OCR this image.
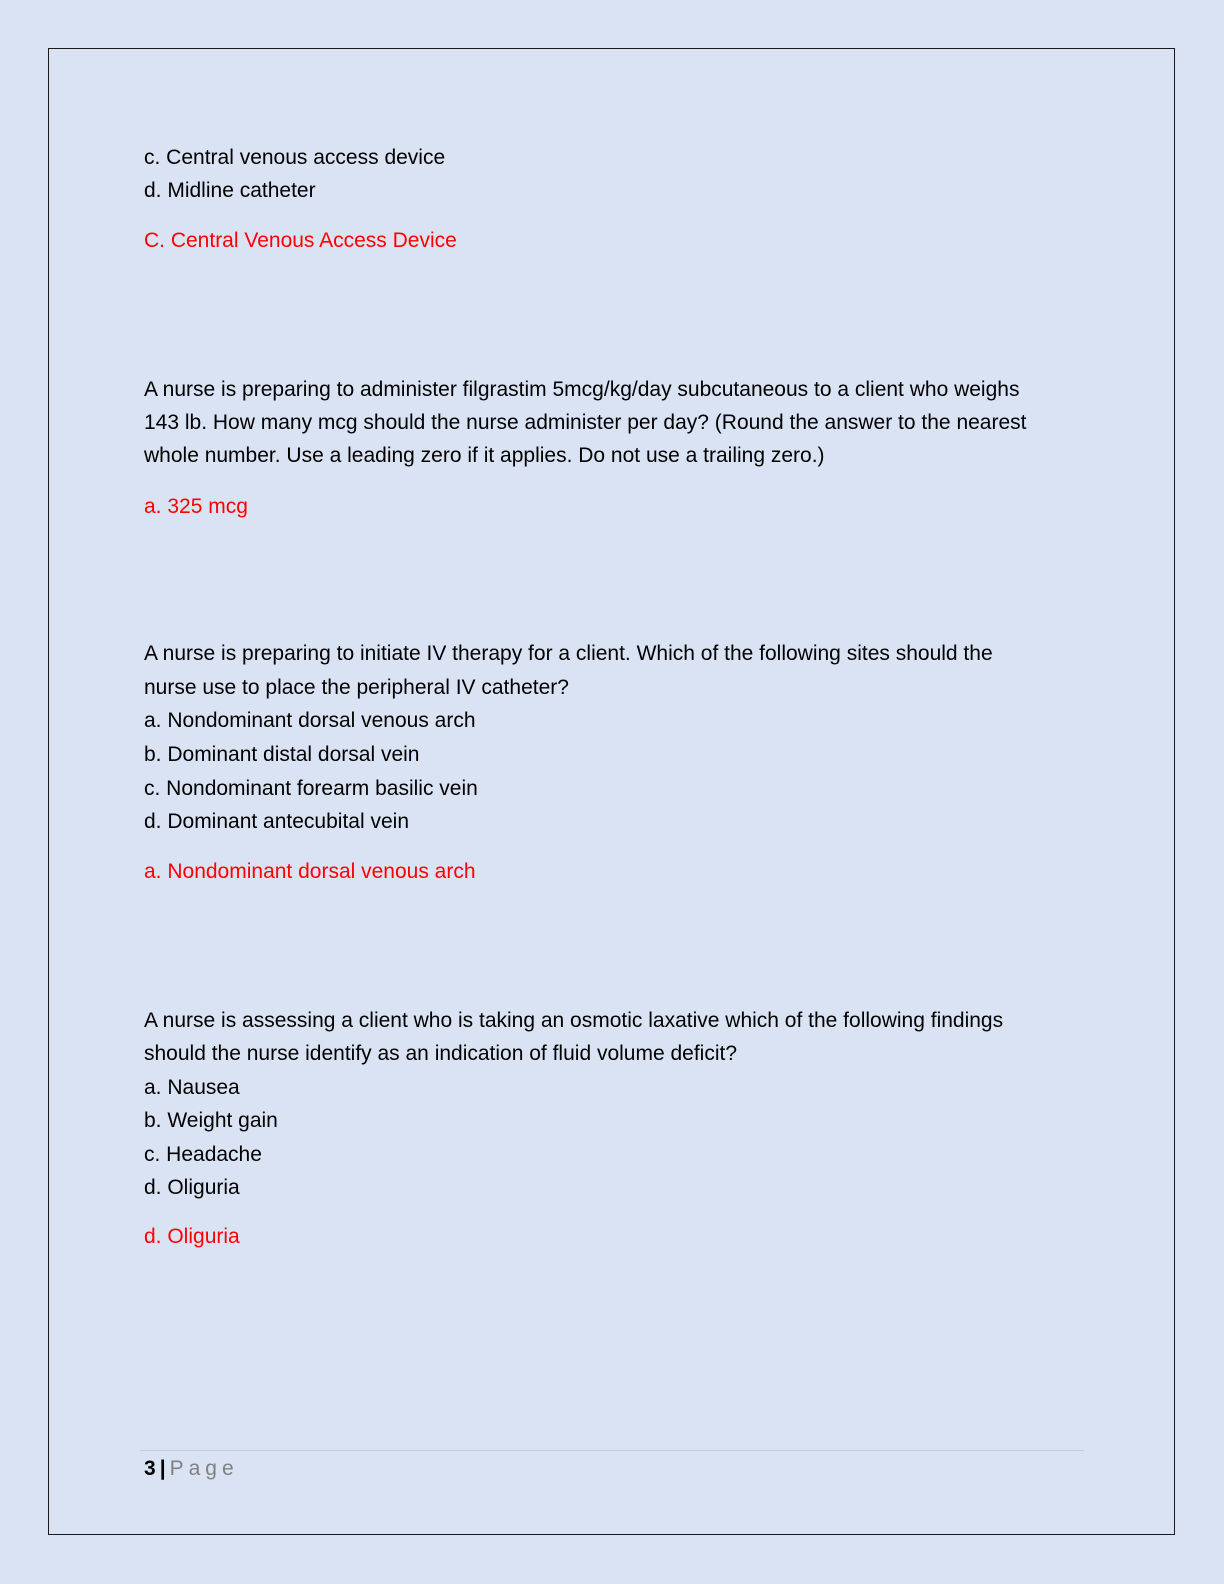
c. Central venous access device
d. Midline catheter
C. Central Venous Access Device
A nurse is preparing to administer filgrastim 5mcg/kg/day subcutaneous to a client who weighs
143 lb. How many mcg should the nurse administer per day? (Round the answer to the nearest
whole number. Use a leading zero if it applies. Do not use a trailing zero.)
a. 325 mcg
A nurse is preparing to initiate IV therapy for a client. Which of the following sites should the
nurse use to place the peripheral IV catheter?
a. Nondominant dorsal venous arch
b. Dominant distal dorsal vein
c. Nondominant forearm basilic vein
d. Dominant antecubital vein
a. Nondominant dorsal venous arch
A nurse is assessing a client who is taking an osmotic laxative which of the following findings
should the nurse identify as an indication of fluid volume deficit?
a. Nausea
b. Weight gain
c. Headache
d. Oliguria
d. Oliguria
3 | Page
